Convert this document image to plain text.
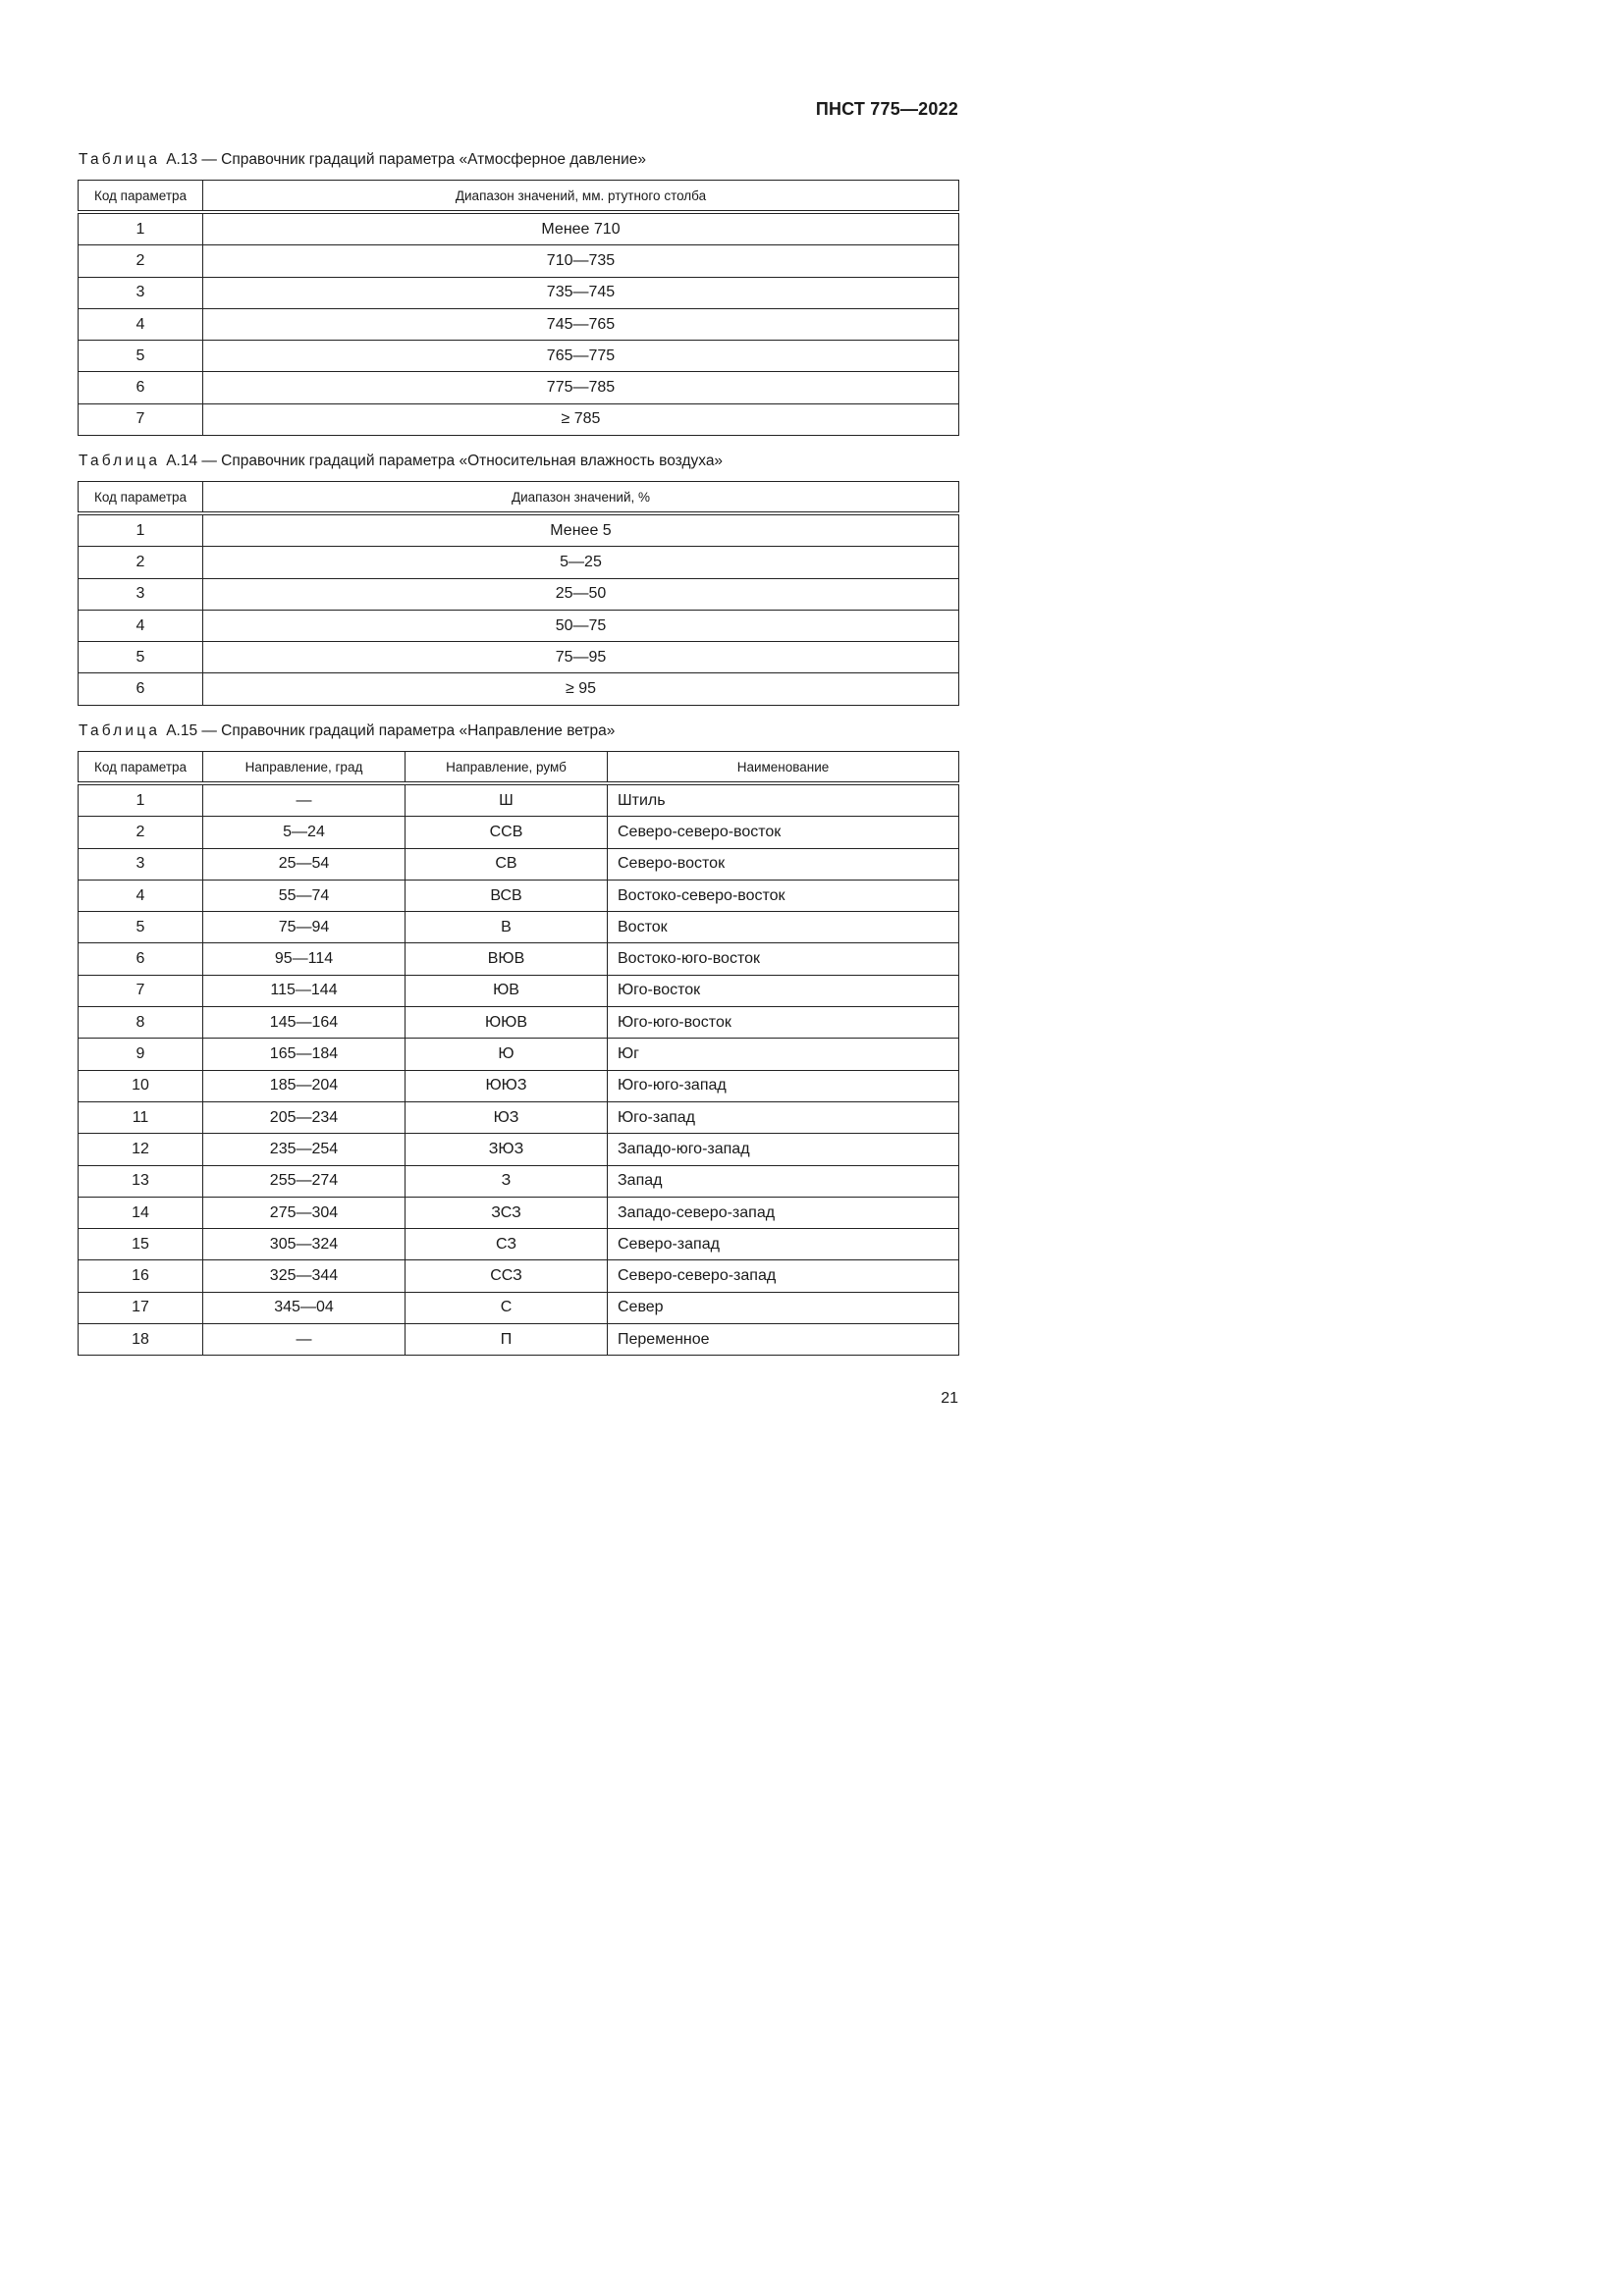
ПНСТ 775—2022
Таблица А.13 — Справочник градаций параметра «Атмосферное давление»
Код параметра	Диапазон значений, мм. ртутного столба
1	Менее 710
2	710—735
3	735—745
4	745—765
5	765—775
6	775—785
7	≥ 785
Таблица А.14 — Справочник градаций параметра «Относительная влажность воздуха»
Код параметра	Диапазон значений, %
1	Менее 5
2	5—25
3	25—50
4	50—75
5	75—95
6	≥ 95
Таблица А.15 — Справочник градаций параметра «Направление ветра»
Код параметра	Направление, град	Направление, румб	Наименование
1	—	Ш	Штиль
2	5—24	ССВ	Северо-северо-восток
3	25—54	СВ	Северо-восток
4	55—74	ВСВ	Востоко-северо-восток
5	75—94	В	Восток
6	95—114	ВЮВ	Востоко-юго-восток
7	115—144	ЮВ	Юго-восток
8	145—164	ЮЮВ	Юго-юго-восток
9	165—184	Ю	Юг
10	185—204	ЮЮЗ	Юго-юго-запад
11	205—234	ЮЗ	Юго-запад
12	235—254	ЗЮЗ	Западо-юго-запад
13	255—274	З	Запад
14	275—304	ЗСЗ	Западо-северо-запад
15	305—324	СЗ	Северо-запад
16	325—344	ССЗ	Северо-северо-запад
17	345—04	С	Север
18	—	П	Переменное
21
